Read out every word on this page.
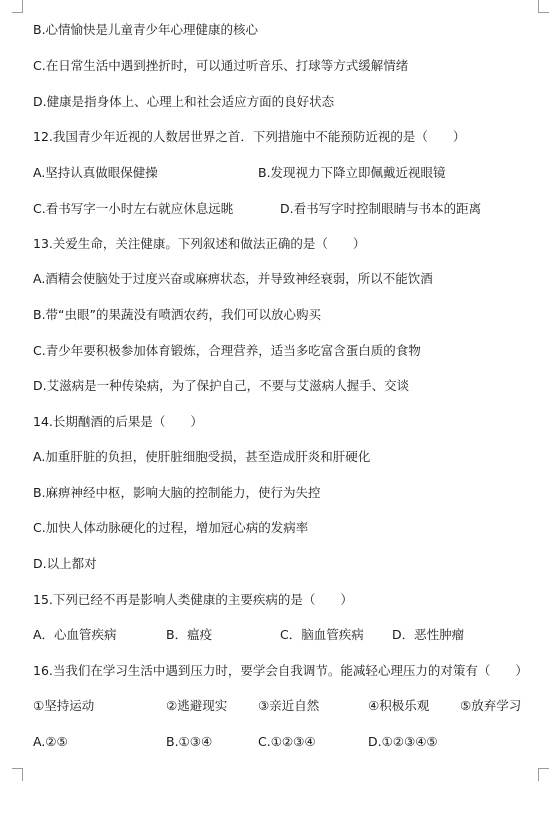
B.心情愉快是儿童青少年心理健康的核心
C.在日常生活中遇到挫折时，可以通过听音乐、打球等方式缓解情绪
D.健康是指身体上、心理上和社会适应方面的良好状态
12.我国青少年近视的人数居世界之首．下列措施中不能预防近视的是（　　）
A.坚持认真做眼保健操	B.发现视力下降立即佩戴近视眼镜
C.看书写字一小时左右就应休息远眺	D.看书写字时控制眼睛与书本的距离
13.关爱生命，关注健康。下列叙述和做法正确的是（　　）
A.酒精会使脑处于过度兴奋或麻痹状态，并导致神经衰弱，所以不能饮酒
B.带“虫眼”的果蔬没有喷洒农药，我们可以放心购买
C.青少年要积极参加体育锻炼，合理营养，适当多吃富含蛋白质的食物
D.艾滋病是一种传染病，为了保护自己，不要与艾滋病人握手、交谈
14.长期酗酒的后果是（　　）
A.加重肝脏的负担，使肝脏细胞受损，甚至造成肝炎和肝硬化
B.麻痹神经中枢，影响大脑的控制能力，使行为失控
C.加快人体动脉硬化的过程，增加冠心病的发病率
D.以上都对
15.下列已经不再是影响人类健康的主要疾病的是（　　）
A．心血管疾病	B．瘟疫	C．脑血管疾病 D．恶性肿瘤
16.当我们在学习生活中遇到压力时，要学会自我调节。能减轻心理压力的对策有（　　）
①坚持运动	②逃避现实 ③亲近自然	④积极乐观 ⑤放弃学习
A.②⑤	B.①③④	C.①②③④	D.①②③④⑤
